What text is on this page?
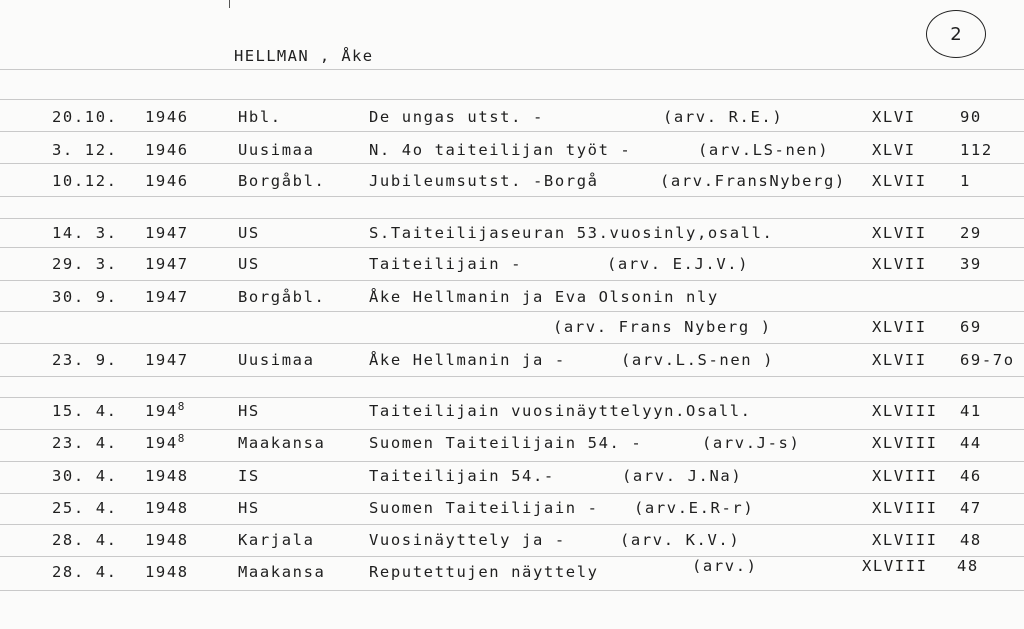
HELLMAN , Åke
2
20.10. 1946	Hbl.	De ungas utst. -	(arv. R.E.)	XLVI	90
3. 12. 1946	Uusimaa	N. 4o taiteilijan työt -	(arv.LS-nen)	XLVI	112
10.12. 1946	Borgåbl.	Jubileumsutst. -Borgå	(arv.FransNyberg) XLVII 1
14. 3. 1947	US	S.Taiteilijaseuran 53.vuosinly,osall.	XLVII 29
29. 3. 1947	US	Taiteilijain -	(arv. E.J.V.)	XLVII 39
30. 9. 1947	Borgåbl.	Åke Hellmanin ja Eva Olsonin nly
(arv. Frans Nyberg )	XLVII 69
23. 9. 1947	Uusimaa	Åke Hellmanin ja -	(arv.L.S-nen )	XLVII 69-7o
15. 4. $194^8$	HS	Taiteilijain vuosinäyttelyyn.Osall.	XLVIII 41
23. 4. $194^8$	Maakansa	Suomen Taiteilijain 54. -	(arv.J-s)	XLVIII 44
30. 4. 1948	IS	Taiteilijain 54.-	(arv. J.Na)	XLVIII 46
25. 4. 1948	HS	Suomen Taiteilijain - (arv.E.R-r)	XLVIII 47
28. 4. 1948	Karjala	Vuosinäyttely ja -	(arv. K.V.)	XLVIII 48
28. 4. 1948	Maakansa	Reputettujen näyttely	(arv.)	XLVIII 48
